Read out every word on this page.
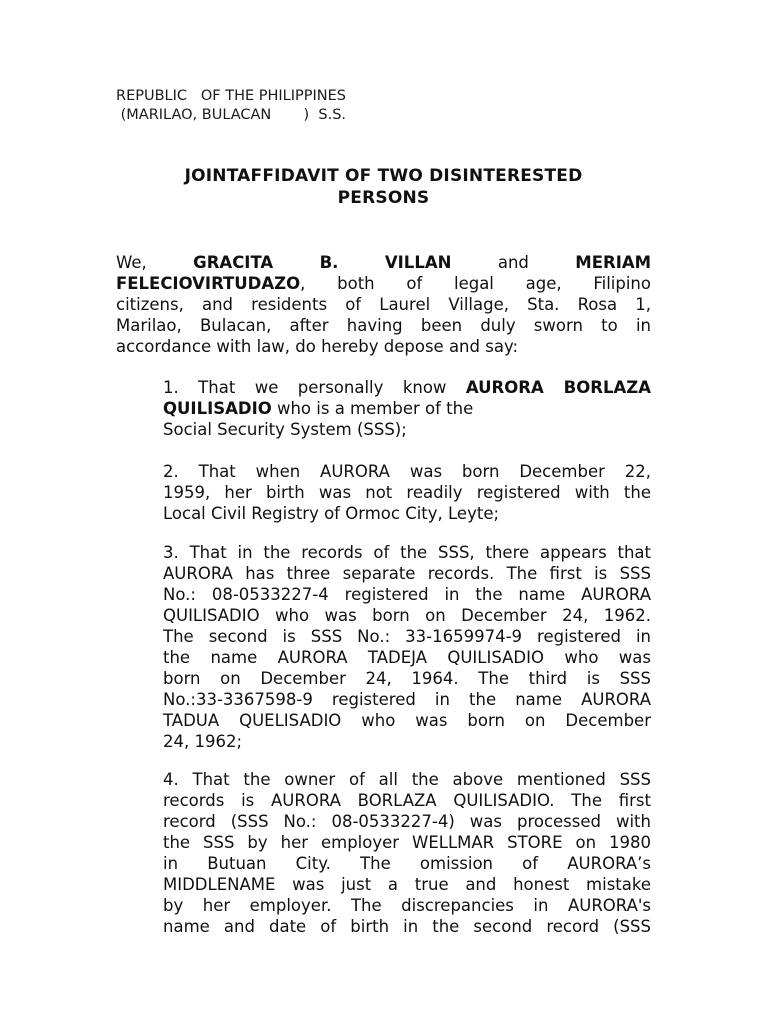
REPUBLIC   OF THE PHILIPPINES
(MARILAO, BULACAN       )  S.S.
JOINTAFFIDAVIT OF TWO DISINTERESTED
PERSONS
We,	GRACITA	B.	VILLAN	and	MERIAM
FELECIOVIRTUDAZO, both of legal age, Filipino
citizens, and residents of Laurel Village, Sta. Rosa 1,
Marilao, Bulacan, after having been duly sworn to in
accordance with law, do hereby depose and say:
1. That we personally know AURORA BORLAZA
QUILISADIO who is a member of the
Social Security System (SSS);
2. That when AURORA was born December 22,
1959, her birth was not readily registered with the
Local Civil Registry of Ormoc City, Leyte;
3. That in the records of the SSS, there appears that
AURORA has three separate records. The first is SSS
No.: 08-0533227-4 registered in the name AURORA
QUILISADIO who was born on December 24, 1962.
The second is SSS No.: 33-1659974-9 registered in
the name AURORA TADEJA QUILISADIO who was
born on December 24, 1964. The third is SSS
No.:33-3367598-9 registered in the name AURORA
TADUA QUELISADIO who was born on December
24, 1962;
4. That the owner of all the above mentioned SSS
records is AURORA BORLAZA QUILISADIO. The first
record (SSS No.: 08-0533227-4) was processed with
the SSS by her employer WELLMAR STORE on 1980
in Butuan City. The omission of AURORA’s
MIDDLENAME was just a true and honest mistake
by her employer. The discrepancies in AURORA's
name and date of birth in the second record (SSS
